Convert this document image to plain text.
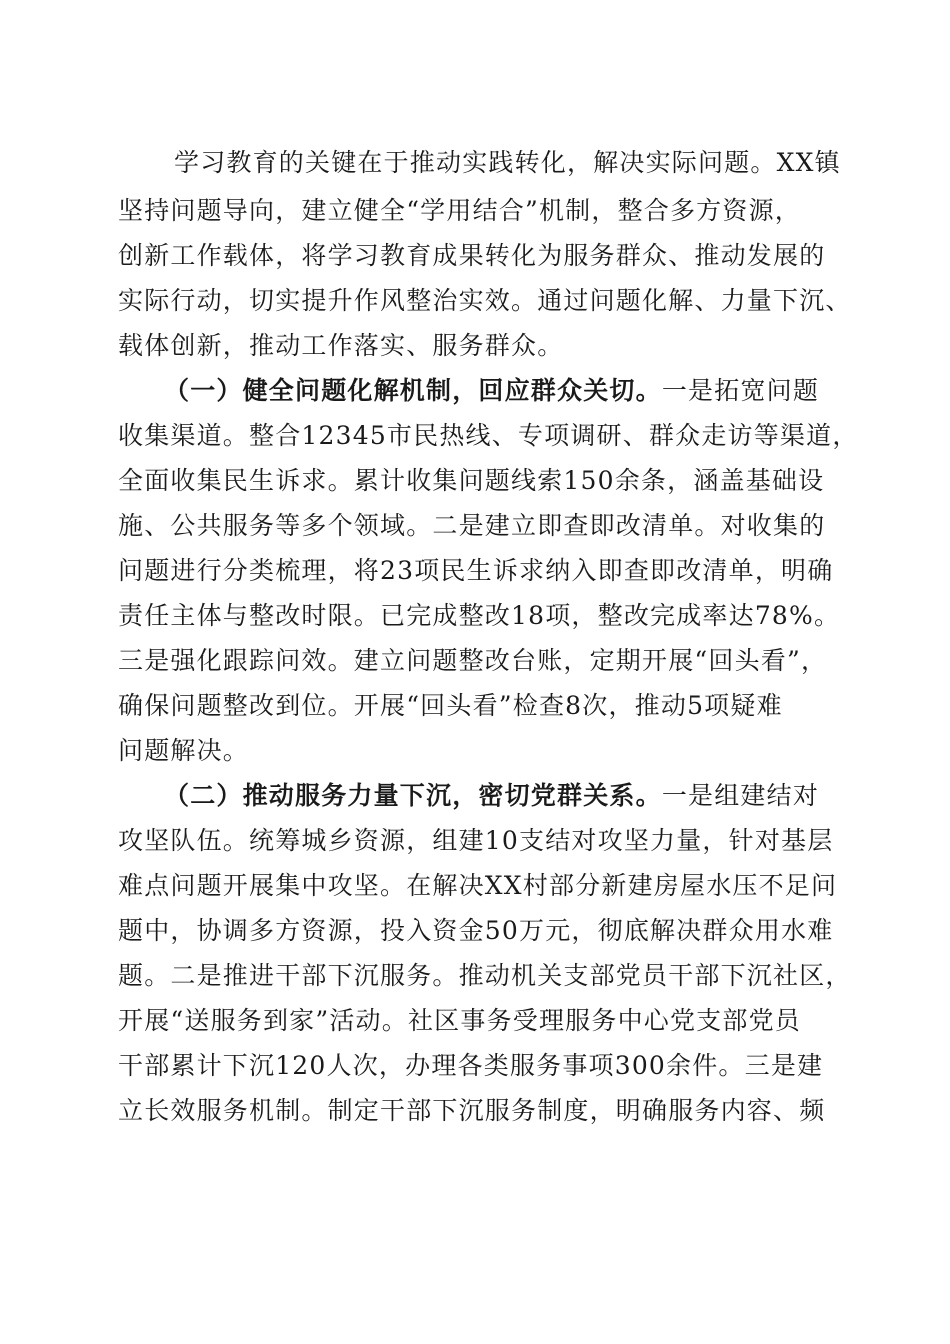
学习教育的关键在于推动实践转化，解决实际问题。XX镇
坚持问题导向，建立健全“学用结合”机制，整合多方资源，
创新工作载体，将学习教育成果转化为服务群众、推动发展的
实际行动，切实提升作风整治实效。通过问题化解、力量下沉、
载体创新，推动工作落实、服务群众。
（一）健全问题化解机制，回应群众关切。一是拓宽问题
收集渠道。整合12345市民热线、专项调研、群众走访等渠道，
全面收集民生诉求。累计收集问题线索150余条，涵盖基础设
施、公共服务等多个领域。二是建立即查即改清单。对收集的
问题进行分类梳理，将23项民生诉求纳入即查即改清单，明确
责任主体与整改时限。已完成整改18项，整改完成率达78%。
三是强化跟踪问效。建立问题整改台账，定期开展“回头看”，
确保问题整改到位。开展“回头看”检查8次，推动5项疑难
问题解决。
（二）推动服务力量下沉，密切党群关系。一是组建结对
攻坚队伍。统筹城乡资源，组建10支结对攻坚力量，针对基层
难点问题开展集中攻坚。在解决XX村部分新建房屋水压不足问
题中，协调多方资源，投入资金50万元，彻底解决群众用水难
题。二是推进干部下沉服务。推动机关支部党员干部下沉社区，
开展“送服务到家”活动。社区事务受理服务中心党支部党员
干部累计下沉120人次，办理各类服务事项300余件。三是建
立长效服务机制。制定干部下沉服务制度，明确服务内容、频
